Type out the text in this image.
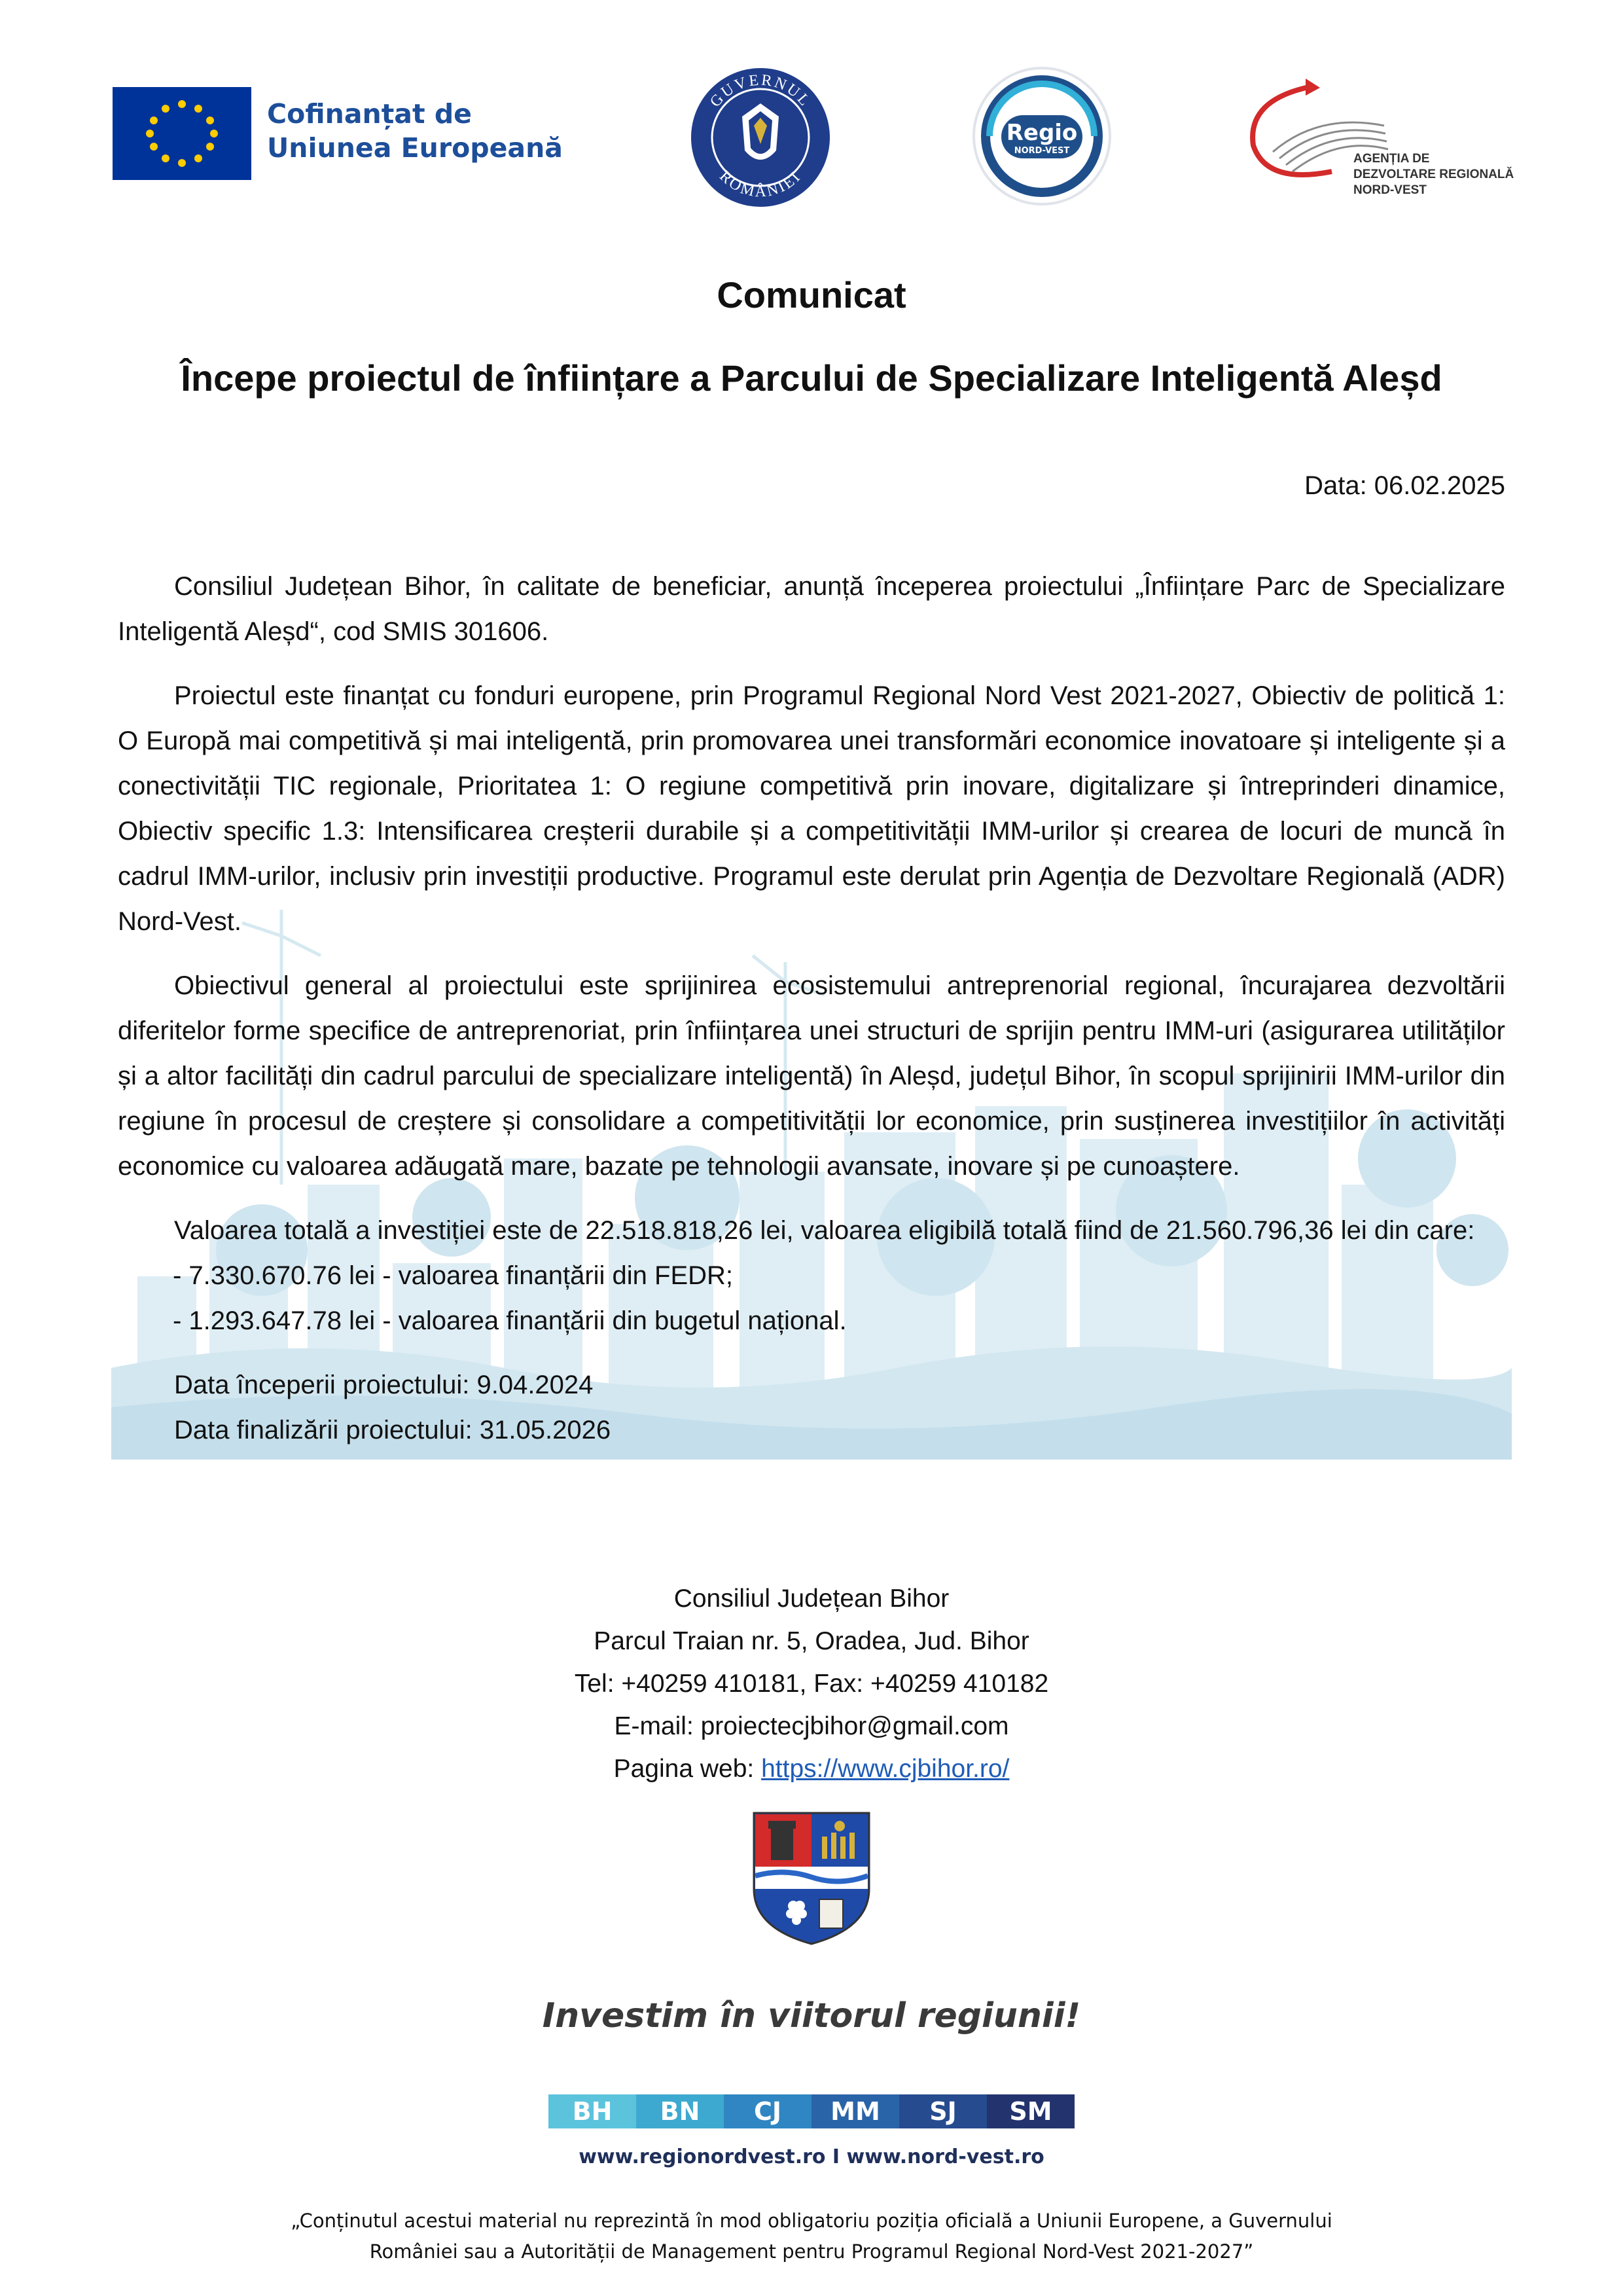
Cofinanțat de
Uniunea Europeană
GUVERNUL
ROMÂNIEI
Regio
NORD-VEST
AGENȚIA DE
DEZVOLTARE REGIONALĂ
NORD-VEST
Comunicat
Începe proiectul de înființare a Parcului de Specializare Inteligentă Aleșd
Data: 06.02.2025

Consiliul Județean Bihor, în calitate de beneficiar, anunță începerea proiectului „Înființare Parc de Specializare Inteligentă Aleșd“, cod SMIS 301606.

Proiectul este finanțat cu fonduri europene, prin Programul Regional Nord Vest 2021-2027, Obiectiv de politică 1: O Europă mai competitivă și mai inteligentă, prin promovarea unei transformări economice inovatoare și inteligente și a conectivității TIC regionale, Prioritatea 1: O regiune competitivă prin inovare, digitalizare și întreprinderi dinamice, Obiectiv specific 1.3: Intensificarea creșterii durabile și a competitivității IMM-urilor și crearea de locuri de muncă în cadrul IMM-urilor, inclusiv prin investiții productive. Programul este derulat prin Agenția de Dezvoltare Regională (ADR) Nord-Vest.

Obiectivul general al proiectului este sprijinirea ecosistemului antreprenorial regional, încurajarea dezvoltării diferitelor forme specifice de antreprenoriat, prin înființarea unei structuri de sprijin pentru IMM-uri (asigurarea utilităților și a altor facilități din cadrul parcului de specializare inteligentă) în Aleșd, județul Bihor, în scopul sprijinirii IMM-urilor din regiune în procesul de creștere și consolidare a competitivității lor economice, prin susținerea investițiilor în activități economice cu valoarea adăugată mare, bazate pe tehnologii avansate, inovare și pe cunoaștere.

Valoarea totală a investiției este de 22.518.818,26 lei, valoarea eligibilă totală fiind de 21.560.796,36 lei din care:

- 7.330.670.76 lei - valoarea finanțării din FEDR;

- 1.293.647.78 lei - valoarea finanțării din bugetul național.

Data începerii proiectului: 9.04.2024

Data finalizării proiectului: 31.05.2026

Consiliul Județean Bihor
Parcul Traian nr. 5, Oradea, Jud. Bihor
Tel: +40259 410181, Fax: +40259 410182
E-mail: proiectecjbihor@gmail.com
Pagina web: https://www.cjbihor.ro/
Investim în viitorul regiunii!
BH	BN	CJ	MM	SJ	SM
www.regionordvest.ro I www.nord-vest.ro
„Conținutul acestui material nu reprezintă în mod obligatoriu poziția oficială a Uniunii Europene, a Guvernului
României sau a Autorității de Management pentru Programul Regional Nord-Vest 2021-2027”
